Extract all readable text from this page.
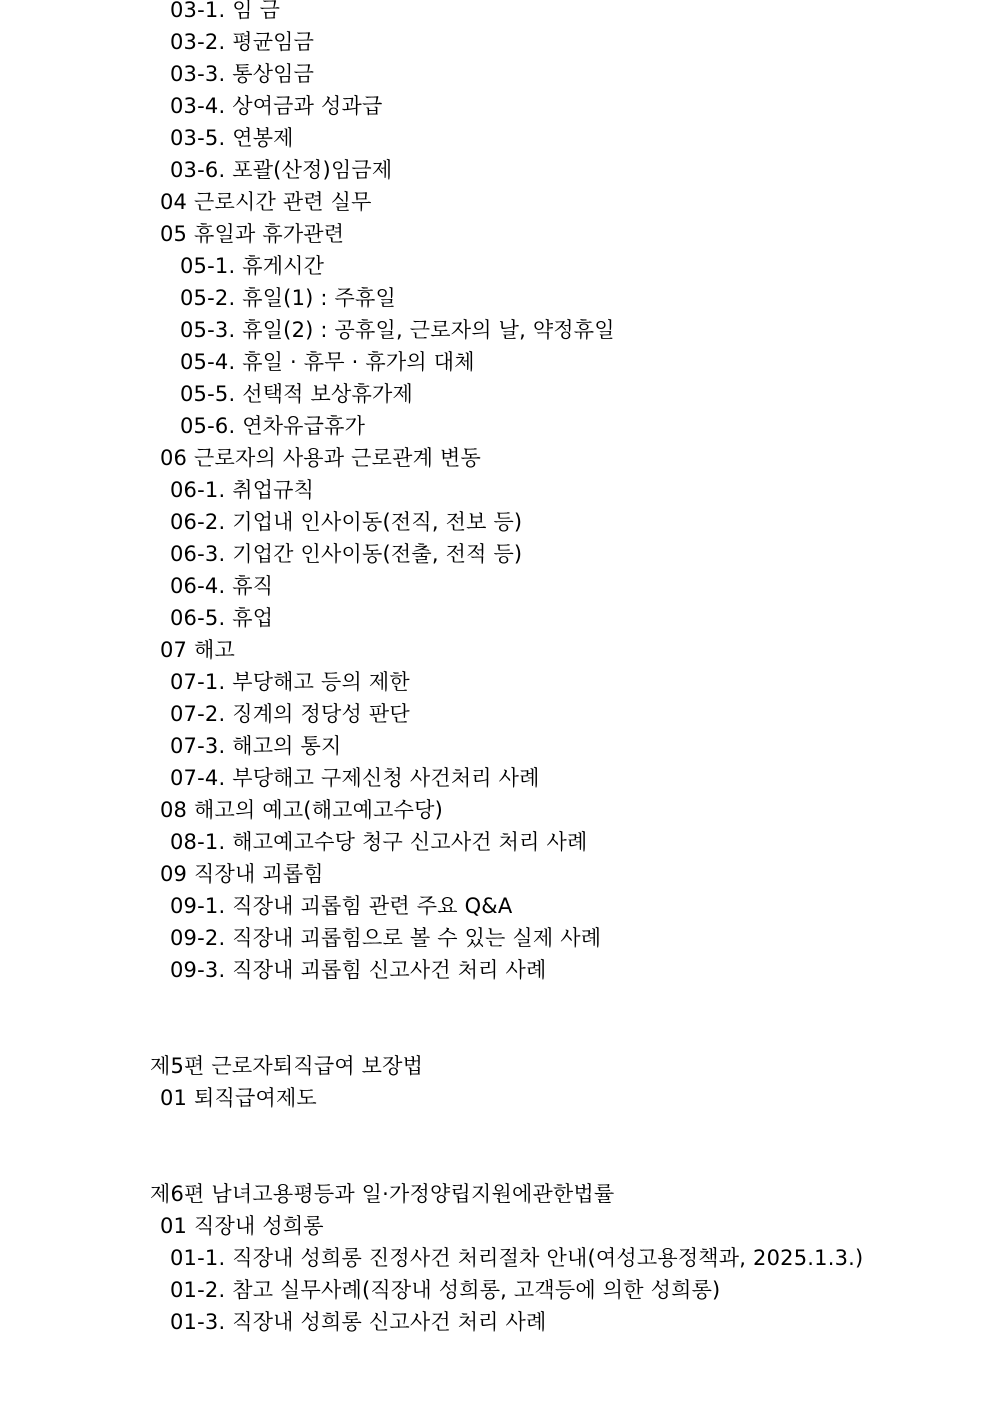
03-1. 임 금
03-2. 평균임금
03-3. 통상임금
03-4. 상여금과 성과급
03-5. 연봉제
03-6. 포괄(산정)임금제
04 근로시간 관련 실무
05 휴일과 휴가관련
05-1. 휴게시간
05-2. 휴일(1) : 주휴일
05-3. 휴일(2) : 공휴일, 근로자의 날, 약정휴일
05-4. 휴일 · 휴무 · 휴가의 대체
05-5. 선택적 보상휴가제
05-6. 연차유급휴가
06 근로자의 사용과 근로관계 변동
06-1. 취업규칙
06-2. 기업내 인사이동(전직, 전보 등)
06-3. 기업간 인사이동(전출, 전적 등)
06-4. 휴직
06-5. 휴업
07 해고
07-1. 부당해고 등의 제한
07-2. 징계의 정당성 판단
07-3. 해고의 통지
07-4. 부당해고 구제신청 사건처리 사례
08 해고의 예고(해고예고수당)
08-1. 해고예고수당 청구 신고사건 처리 사례
09 직장내 괴롭힘
09-1. 직장내 괴롭힘 관련 주요 Q&A
09-2. 직장내 괴롭힘으로 볼 수 있는 실제 사례
09-3. 직장내 괴롭힘 신고사건 처리 사례
제5편 근로자퇴직급여 보장법
01 퇴직급여제도
제6편 남녀고용평등과 일·가정양립지원에관한법률
01 직장내 성희롱
01-1. 직장내 성희롱 진정사건 처리절차 안내(여성고용정책과, 2025.1.3.)
01-2. 참고 실무사례(직장내 성희롱, 고객등에 의한 성희롱)
01-3. 직장내 성희롱 신고사건 처리 사례
